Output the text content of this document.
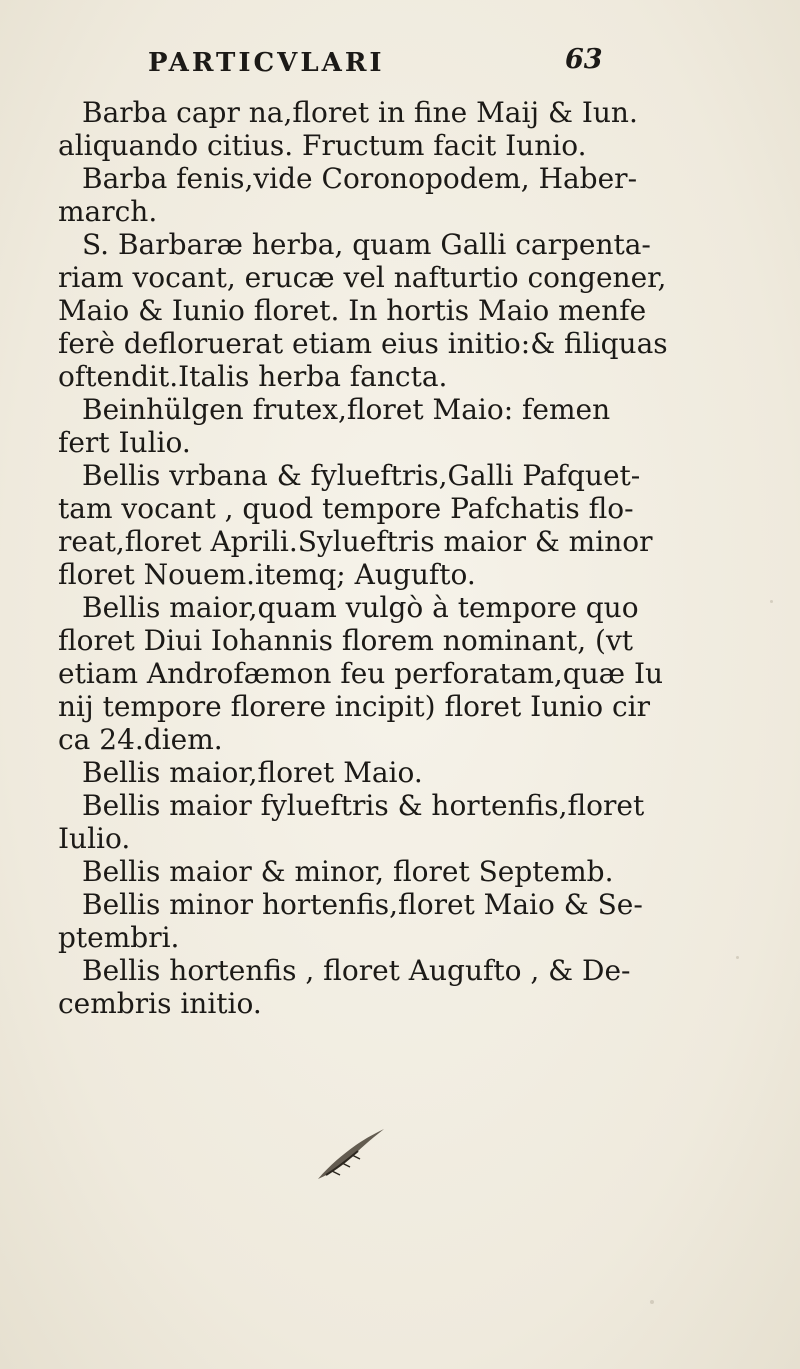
PARTICVLARI	63
Barba capr na,floret in fine Maij & Iun.
aliquando citius. Fructum facit Iunio.
Barba fenis,vide Coronopodem, Haber-
march.
S. Barbaræ herba, quam Galli carpenta-
riam vocant, erucæ vel nafturtio congener,
Maio & Iunio floret. In hortis Maio menfe
ferè defloruerat etiam eius initio:& filiquas
oftendit.Italis herba fancta.
Beinhülgen frutex,floret Maio: femen
fert Iulio.
Bellis vrbana & fylueftris,Galli Pafquet-
tam vocant , quod tempore Pafchatis flo-
reat,floret Aprili.Sylueftris maior & minor
floret Nouem.itemq; Augufto.
Bellis maior,quam vulgò à tempore quo
floret Diui Iohannis florem nominant, (vt
etiam Androfæmon feu perforatam,quæ Iu
nij tempore florere incipit) floret Iunio cir
ca 24.diem.
Bellis maior,floret Maio.
Bellis maior fylueftris & hortenfis,floret
Iulio.
Bellis maior & minor, floret Septemb.
Bellis minor hortenfis,floret Maio & Se-
ptembri.
Bellis hortenfis , floret Augufto , & De-
cembris initio.
